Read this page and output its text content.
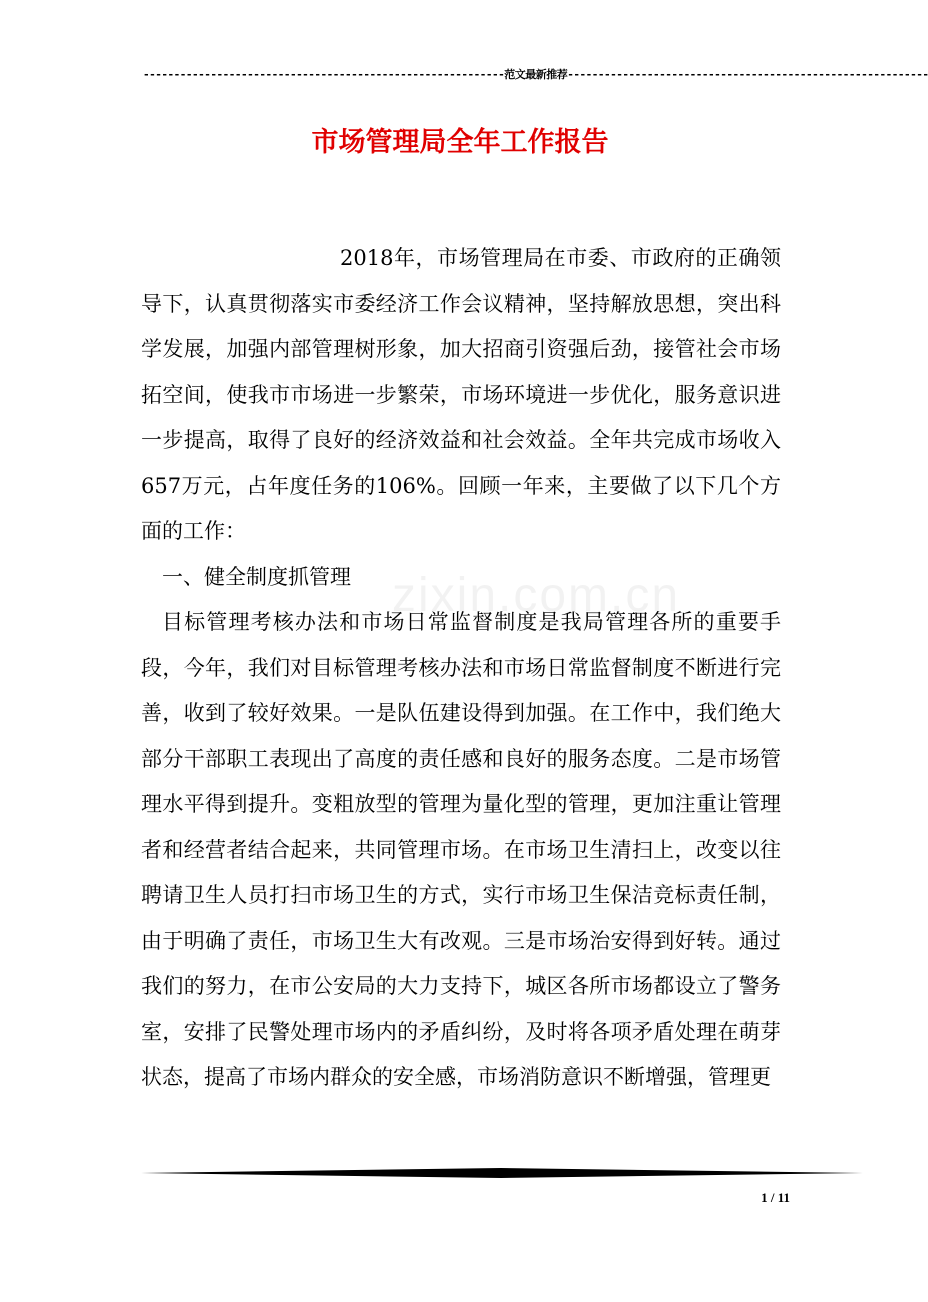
-----------------------------------------------------------范文最新推荐-----------------------------------------------------------
市场管理局全年工作报告
zixin.com.cn

2018年，市场管理局在市委、市政府的正确领导下，认真贯彻落实市委经济工作会议精神，坚持解放思想，突出科学发展，加强内部管理树形象，加大招商引资强后劲，接管社会市场拓空间，使我市市场进一步繁荣，市场环境进一步优化，服务意识进一步提高，取得了良好的经济效益和社会效益。全年共完成市场收入657万元，占年度任务的106%。回顾一年来，主要做了以下几个方面的工作：

一、健全制度抓管理

目标管理考核办法和市场日常监督制度是我局管理各所的重要手段，今年，我们对目标管理考核办法和市场日常监督制度不断进行完善，收到了较好效果。一是队伍建设得到加强。在工作中，我们绝大部分干部职工表现出了高度的责任感和良好的服务态度。二是市场管理水平得到提升。变粗放型的管理为量化型的管理，更加注重让管理者和经营者结合起来，共同管理市场。在市场卫生清扫上，改变以往聘请卫生人员打扫市场卫生的方式，实行市场卫生保洁竞标责任制，由于明确了责任，市场卫生大有改观。三是市场治安得到好转。通过我们的努力，在市公安局的大力支持下，城区各所市场都设立了警务室，安排了民警处理市场内的矛盾纠纷，及时将各项矛盾处理在萌芽状态，提高了市场内群众的安全感，市场消防意识不断增强，管理更

1 / 11
